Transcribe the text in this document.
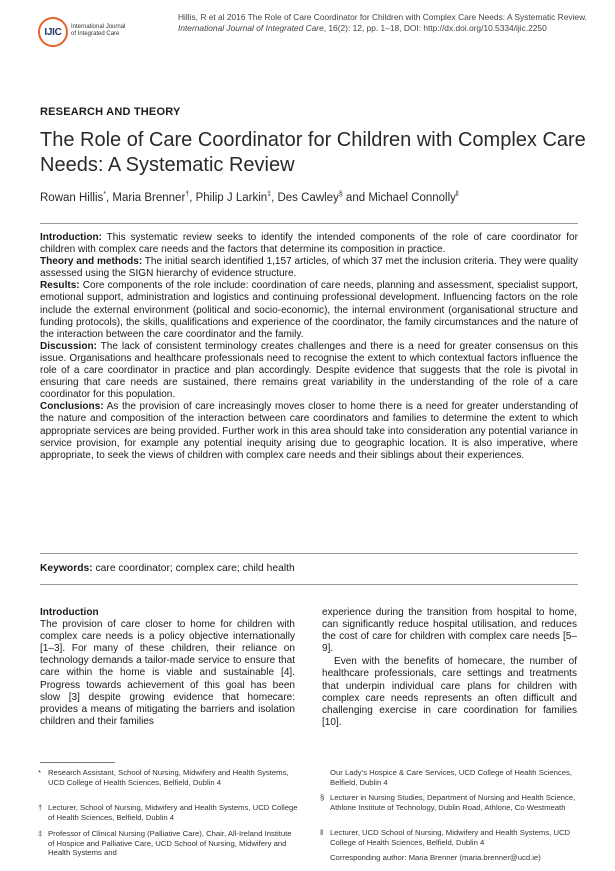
IJIC International Journal
of Integrated Care
Hillis, R et al 2016 The Role of Care Coordinator for Children with Complex Care Needs: A Systematic Review. International Journal of Integrated Care, 16(2): 12, pp. 1–18, DOI: http://dx.doi.org/10.5334/ijic.2250
RESEARCH AND THEORY
The Role of Care Coordinator for Children with Complex Care Needs: A Systematic Review
Rowan Hillis*, Maria Brenner†, Philip J Larkin‡, Des Cawley§ and Michael Connolly$^ǁ$

Introduction: This systematic review seeks to identify the intended components of the role of care coordinator for children with complex care needs and the factors that determine its composition in practice.

Theory and methods: The initial search identified 1,157 articles, of which 37 met the inclusion criteria. They were quality assessed using the SIGN hierarchy of evidence structure.

Results: Core components of the role include: coordination of care needs, planning and assessment, specialist support, emotional support, administration and logistics and continuing professional development. Influencing factors on the role include the external environment (political and socio-economic), the internal environment (organisational structure and funding protocols), the skills, qualifications and experience of the coordinator, the family circumstances and the nature of the interaction between the care coordinator and the family.

Discussion: The lack of consistent terminology creates challenges and there is a need for greater consensus on this issue. Organisations and healthcare professionals need to recognise the extent to which contextual factors influence the role of a care coordinator in practice and plan accordingly. Despite evidence that suggests that the role is pivotal in ensuring that care needs are sustained, there remains great variability in the understanding of the role of a care coordinator for this population.

Conclusions: As the provision of care increasingly moves closer to home there is a need for greater understanding of the nature and composition of the interaction between care coordinators and families to determine the extent to which appropriate services are being provided. Further work in this area should take into consideration any potential variance in service provision, for example any potential inequity arising due to geographic location. It is also imperative, where appropriate, to seek the views of children with complex care needs and their siblings about their experiences.

Keywords: care coordinator; complex care; child health

Introduction

The provision of care closer to home for children with complex care needs is a policy objective internationally [1–3]. For many of these children, their reliance on technology demands a tailor-made service to ensure that care within the home is viable and sustainable [4]. Progress towards achievement of this goal has been slow [3] despite growing evidence that homecare: provides a means of mitigating the barriers and isolation children and their families

experience during the transition from hospital to home, can significantly reduce hospital utilisation, and reduces the cost of care for children with complex care needs [5–9].

Even with the benefits of homecare, the number of healthcare professionals, care settings and treatments that underpin individual care plans for children with complex care needs represents an often difficult and challenging exercise in care coordination for families [10].

* Research Assistant, School of Nursing, Midwifery and Health Systems, UCD College of Health Sciences, Belfield, Dublin 4
† Lecturer, School of Nursing, Midwifery and Health Systems, UCD College of Health Sciences, Belfield, Dublin 4
‡ Professor of Clinical Nursing (Palliative Care), Chair, All-Ireland Institute of Hospice and Palliative Care, UCD School of Nursing, Midwifery and Health Systems and
Our Lady's Hospice & Care Services, UCD College of Health Sciences, Belfield, Dublin 4
§ Lecturer in Nursing Studies, Department of Nursing and Health Science, Athlone Institute of Technology, Dublin Road, Athlone, Co Westmeath
ǁ Lecturer, UCD School of Nursing, Midwifery and Health Systems, UCD College of Health Sciences, Belfield, Dublin 4
Corresponding author: Maria Brenner (maria.brenner@ucd.ie)
